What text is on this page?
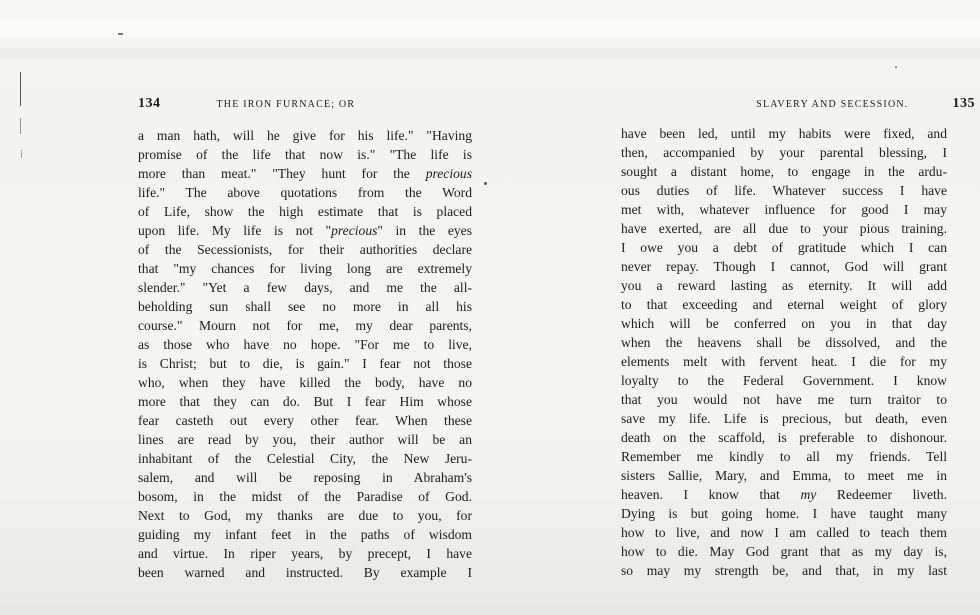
134	THE IRON FURNACE; OR
a man hath, will he give for his life." "Having
promise of the life that now is." "The life is
more than meat." "They hunt for the precious
life." The above quotations from the Word
of Life, show the high estimate that is placed
upon life. My life is not "precious" in the eyes
of the Secessionists, for their authorities declare
that "my chances for living long are extremely
slender." "Yet a few days, and me the all-
beholding sun shall see no more in all his
course." Mourn not for me, my dear parents,
as those who have no hope. "For me to live,
is Christ; but to die, is gain." I fear not those
who, when they have killed the body, have no
more that they can do. But I fear Him whose
fear casteth out every other fear. When these
lines are read by you, their author will be an
inhabitant of the Celestial City, the New Jeru-
salem, and will be reposing in Abraham's
bosom, in the midst of the Paradise of God.
Next to God, my thanks are due to you, for
guiding my infant feet in the paths of wisdom
and virtue. In riper years, by precept, I have
been warned and instructed. By example I
SLAVERY AND SECESSION.	135
have been led, until my habits were fixed, and
then, accompanied by your parental blessing, I
sought a distant home, to engage in the ardu-
ous duties of life. Whatever success I have
met with, whatever influence for good I may
have exerted, are all due to your pious training.
I owe you a debt of gratitude which I can
never repay. Though I cannot, God will grant
you a reward lasting as eternity. It will add
to that exceeding and eternal weight of glory
which will be conferred on you in that day
when the heavens shall be dissolved, and the
elements melt with fervent heat. I die for my
loyalty to the Federal Government. I know
that you would not have me turn traitor to
save my life. Life is precious, but death, even
death on the scaffold, is preferable to dishonour.
Remember me kindly to all my friends. Tell
sisters Sallie, Mary, and Emma, to meet me in
heaven. I know that my Redeemer liveth.
Dying is but going home. I have taught many
how to live, and now I am called to teach them
how to die. May God grant that as my day is,
so may my strength be, and that, in my last
